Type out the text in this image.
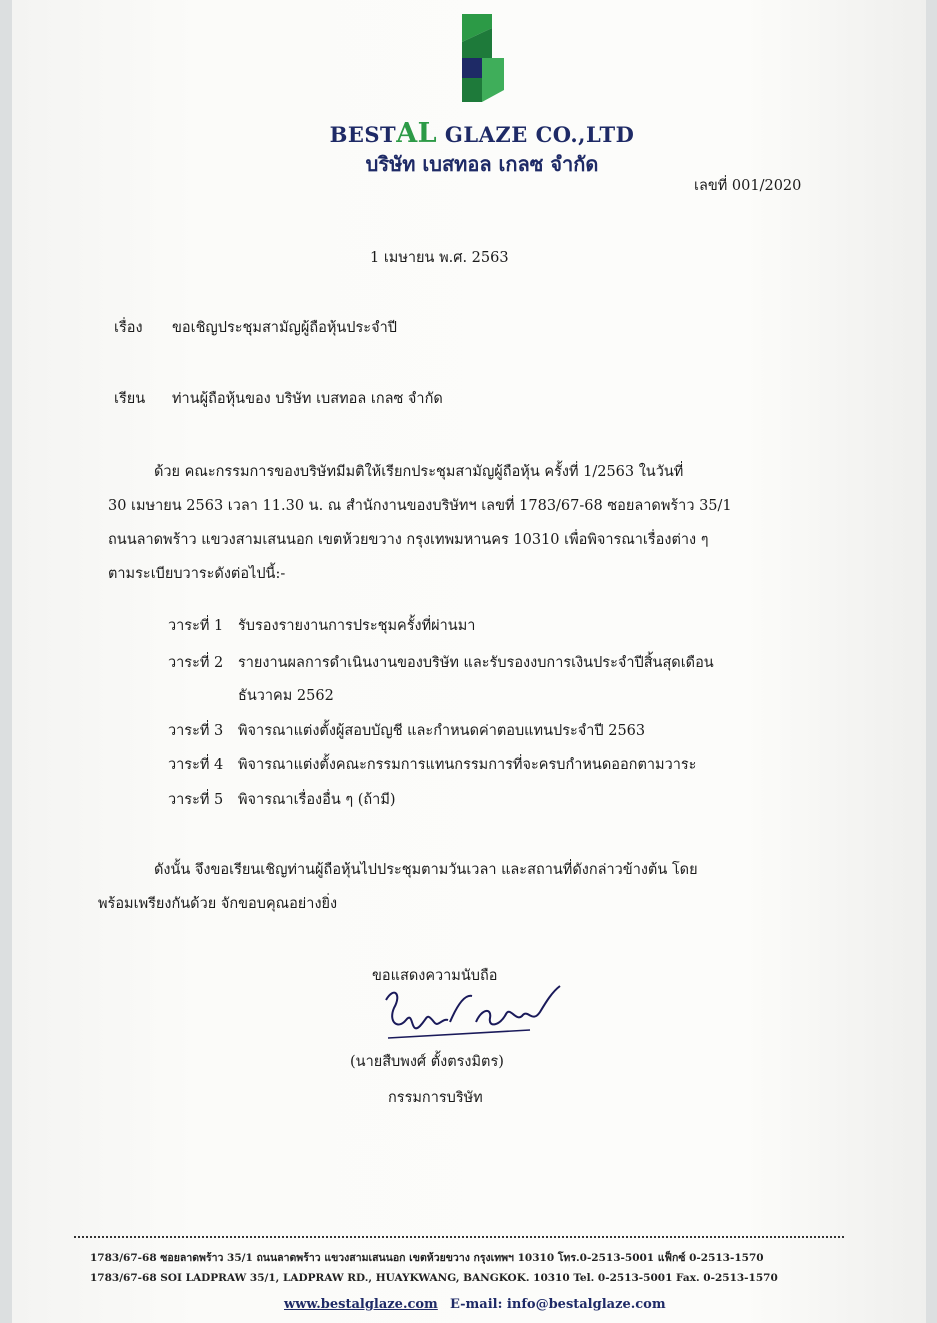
BESTAL GLAZE CO.,LTD
บริษัท เบสทอล เกลซ จำกัด
เลขที่ 001/2020
1 เมษายน พ.ศ. 2563
เรื่อง ขอเชิญประชุมสามัญผู้ถือหุ้นประจำปี
เรียน ท่านผู้ถือหุ้นของ บริษัท เบสทอล เกลซ จำกัด
ด้วย คณะกรรมการของบริษัทมีมติให้เรียกประชุมสามัญผู้ถือหุ้น ครั้งที่ 1/2563 ในวันที่
30 เมษายน 2563 เวลา 11.30 น. ณ สำนักงานของบริษัทฯ เลขที่ 1783/67-68 ซอยลาดพร้าว 35/1
ถนนลาดพร้าว แขวงสามเสนนอก เขตห้วยขวาง กรุงเทพมหานคร 10310 เพื่อพิจารณาเรื่องต่าง ๆ
ตามระเบียบวาระดังต่อไปนี้:-
วาระที่ 1 รับรองรายงานการประชุมครั้งที่ผ่านมา
วาระที่ 2 รายงานผลการดำเนินงานของบริษัท และรับรองงบการเงินประจำปีสิ้นสุดเดือน
ธันวาคม 2562
วาระที่ 3 พิจารณาแต่งตั้งผู้สอบบัญชี และกำหนดค่าตอบแทนประจำปี 2563
วาระที่ 4 พิจารณาแต่งตั้งคณะกรรมการแทนกรรมการที่จะครบกำหนดออกตามวาระ
วาระที่ 5 พิจารณาเรื่องอื่น ๆ (ถ้ามี)
ดังนั้น จึงขอเรียนเชิญท่านผู้ถือหุ้นไปประชุมตามวันเวลา และสถานที่ดังกล่าวข้างต้น โดย
พร้อมเพรียงกันด้วย จักขอบคุณอย่างยิ่ง
ขอแสดงความนับถือ
(นายสืบพงศ์ ตั้งตรงมิตร)
กรรมการบริษัท
1783/67-68 ซอยลาดพร้าว 35/1 ถนนลาดพร้าว แขวงสามเสนนอก เขตห้วยขวาง กรุงเทพฯ 10310 โทร.0-2513-5001 แฟ็กซ์ 0-2513-1570
1783/67-68 SOI LADPRAW 35/1, LADPRAW RD., HUAYKWANG, BANGKOK. 10310 Tel. 0-2513-5001 Fax. 0-2513-1570
www.bestalglaze.com E-mail: info@bestalglaze.com
